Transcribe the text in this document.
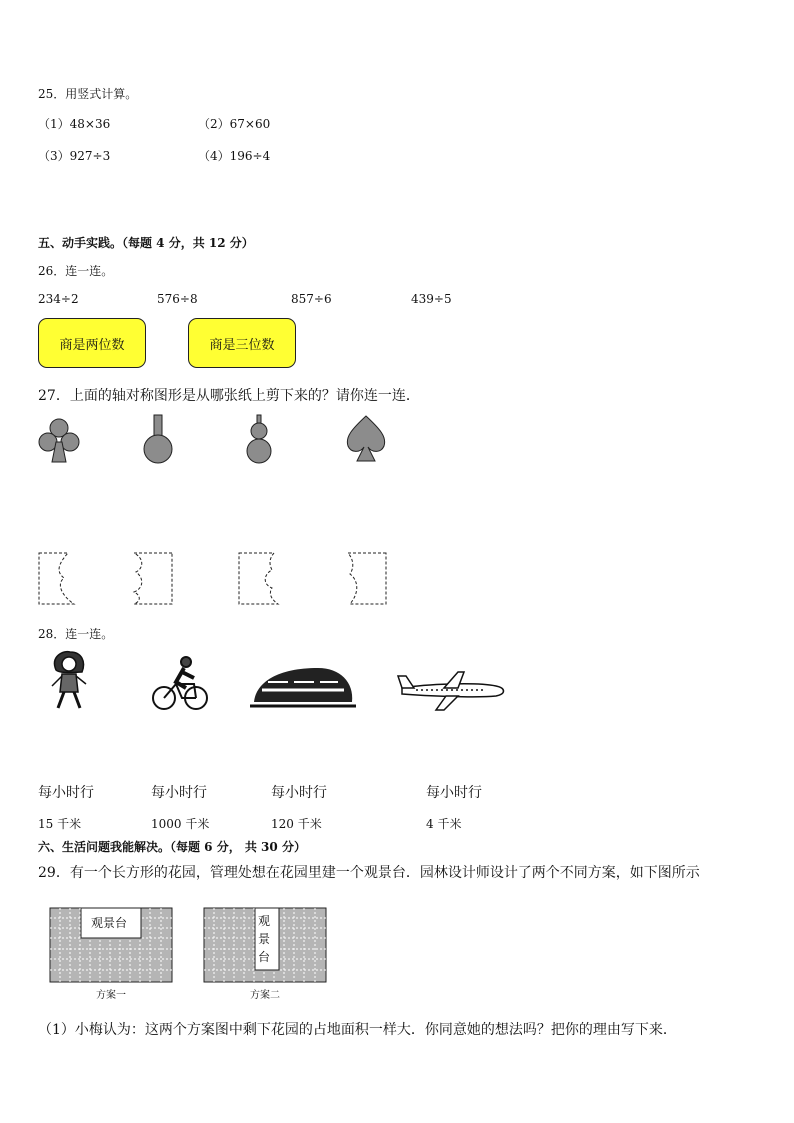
25．用竖式计算。
（1）48×36	（2）67×60
（3）927÷3	（4）196÷4
五、动手实践。（每题 4 分，共 12 分）
26．连一连。
234÷2	576÷8	857÷6	439÷5
商是两位数	商是三位数
27．上面的轴对称图形是从哪张纸上剪下来的？请你连一连．
28．连一连。
每小时行	每小时行	每小时行	每小时行
15 千米	1000 千米	120 千米	4 千米
六、生活问题我能解决。（每题 6 分， 共 30 分）
29．有一个长方形的花园，管理处想在花园里建一个观景台．园林设计师设计了两个不同方案，如下图所示
观景台
方案一
观
景
台
方案二
（1）小梅认为：这两个方案图中剩下花园的占地面积一样大．你同意她的想法吗？把你的理由写下来．
